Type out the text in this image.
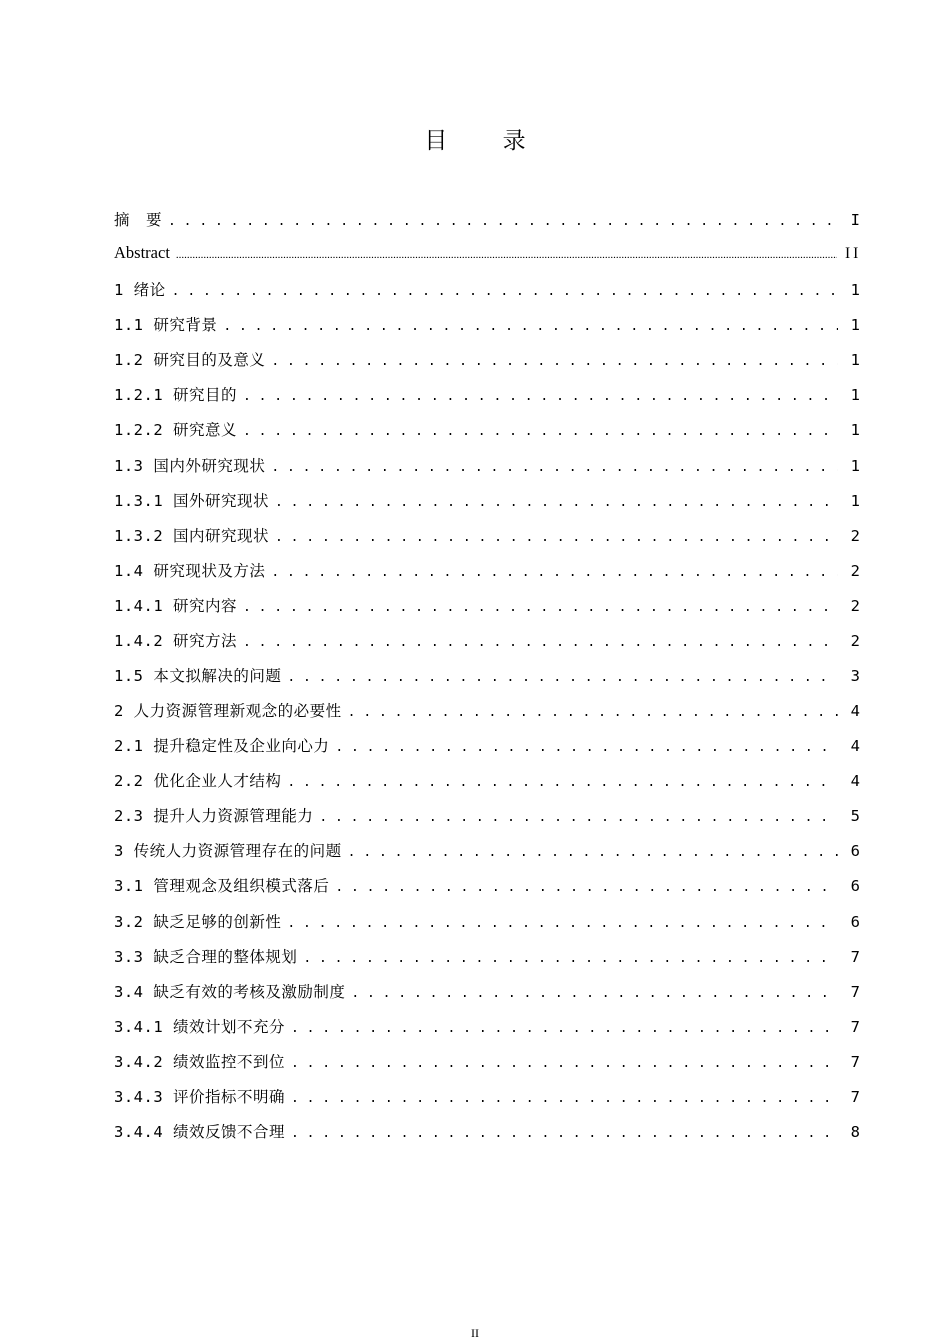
目 录
摘　要 . . .	I
Abstract .....	II
1 绪论 . . .	1
1.1 研究背景 . . .	1
1.2 研究目的及意义 . . .	1
1.2.1 研究目的 . . .	1
1.2.2 研究意义 . . .	1
1.3 国内外研究现状 . . .	1
1.3.1 国外研究现状 . . .	1
1.3.2 国内研究现状 . . .	2
1.4 研究现状及方法 . . .	2
1.4.1 研究内容 . . .	2
1.4.2 研究方法 . . .	2
1.5 本文拟解决的问题 . . .	3
2 人力资源管理新观念的必要性 . . .	4
2.1 提升稳定性及企业向心力 . . .	4
2.2 优化企业人才结构 . . .	4
2.3 提升人力资源管理能力 . . .	5
3 传统人力资源管理存在的问题 . . .	6
3.1 管理观念及组织模式落后 . . .	6
3.2 缺乏足够的创新性 . . .	6
3.3 缺乏合理的整体规划 . . .	7
3.4 缺乏有效的考核及激励制度 . . .	7
3.4.1 绩效计划不充分 . . .	7
3.4.2 绩效监控不到位 . . .	7
3.4.3 评价指标不明确 . . .	7
3.4.4 绩效反馈不合理 . . .	8
II
